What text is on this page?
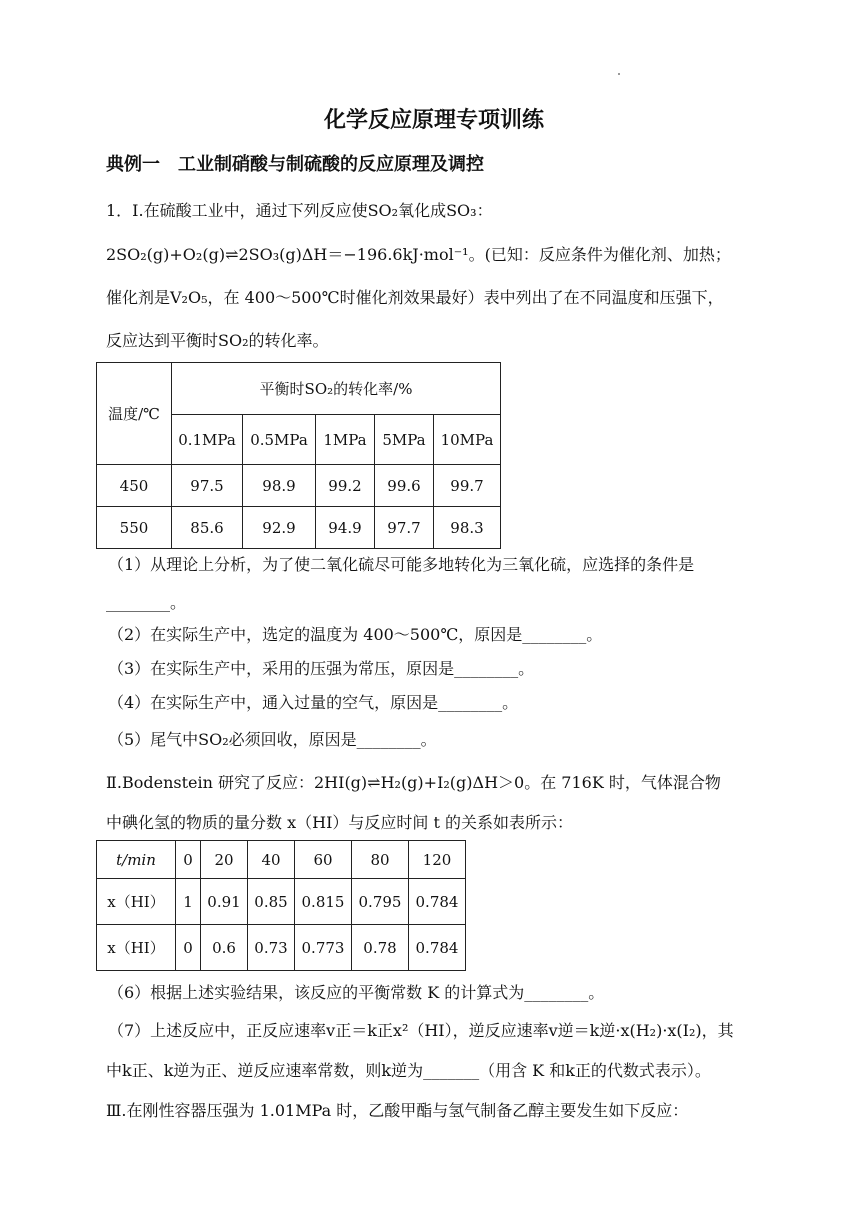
化学反应原理专项训练
典例一　工业制硝酸与制硫酸的反应原理及调控
1．Ⅰ.在硫酸工业中，通过下列反应使SO₂氧化成SO₃：
2SO₂(g)+O₂(g)⇌2SO₃(g)ΔH＝−196.6kJ·mol⁻¹。(已知：反应条件为催化剂、加热；
催化剂是V₂O₅，在 400～500℃时催化剂效果最好）表中列出了在不同温度和压强下，
反应达到平衡时SO₂的转化率。
温度/℃	平衡时SO₂的转化率/%				
	0.1MPa	0.5MPa	1MPa	5MPa	10MPa
450	97.5	98.9	99.2	99.6	99.7
550	85.6	92.9	94.9	97.7	98.3
（1）从理论上分析，为了使二氧化硫尽可能多地转化为三氧化硫，应选择的条件是
________。
（2）在实际生产中，选定的温度为 400～500℃，原因是________。
（3）在实际生产中，采用的压强为常压，原因是________。
（4）在实际生产中，通入过量的空气，原因是________。
（5）尾气中SO₂必须回收，原因是________。
Ⅱ.Bodenstein 研究了反应：2HI(g)⇌H₂(g)+I₂(g)ΔH＞0。在 716K 时，气体混合物
中碘化氢的物质的量分数 x（HI）与反应时间 t 的关系如表所示：
t/min	0	20	40	60	80	120
x（HI）	1	0.91	0.85	0.815	0.795	0.784
x（HI）	0	0.6	0.73	0.773	0.78	0.784
（6）根据上述实验结果，该反应的平衡常数 K 的计算式为________。
（7）上述反应中，正反应速率v正＝k正x²（HI），逆反应速率v逆＝k逆·x(H₂)·x(I₂)，其
中k正、k逆为正、逆反应速率常数，则k逆为_______（用含 K 和k正的代数式表示）。
Ⅲ.在刚性容器压强为 1.01MPa 时，乙酸甲酯与氢气制备乙醇主要发生如下反应：
